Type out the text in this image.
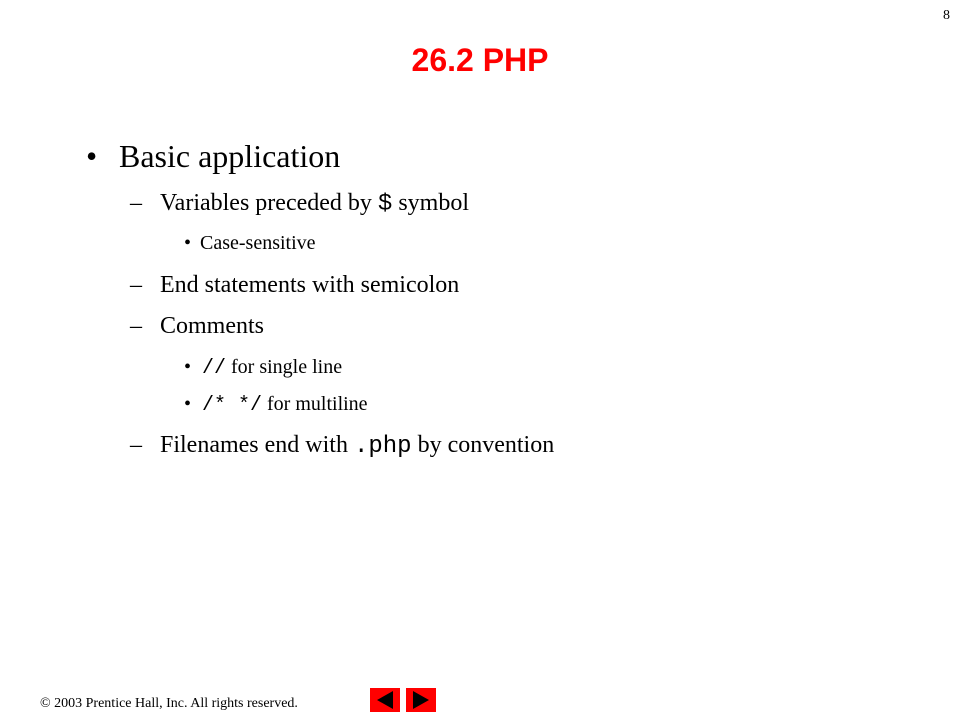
8
26.2 PHP
• Basic application
– Variables preceded by $ symbol
• Case-sensitive
– End statements with semicolon
– Comments
• // for single line
• /* */ for multiline
– Filenames end with .php by convention
© 2003 Prentice Hall, Inc. All rights reserved.
